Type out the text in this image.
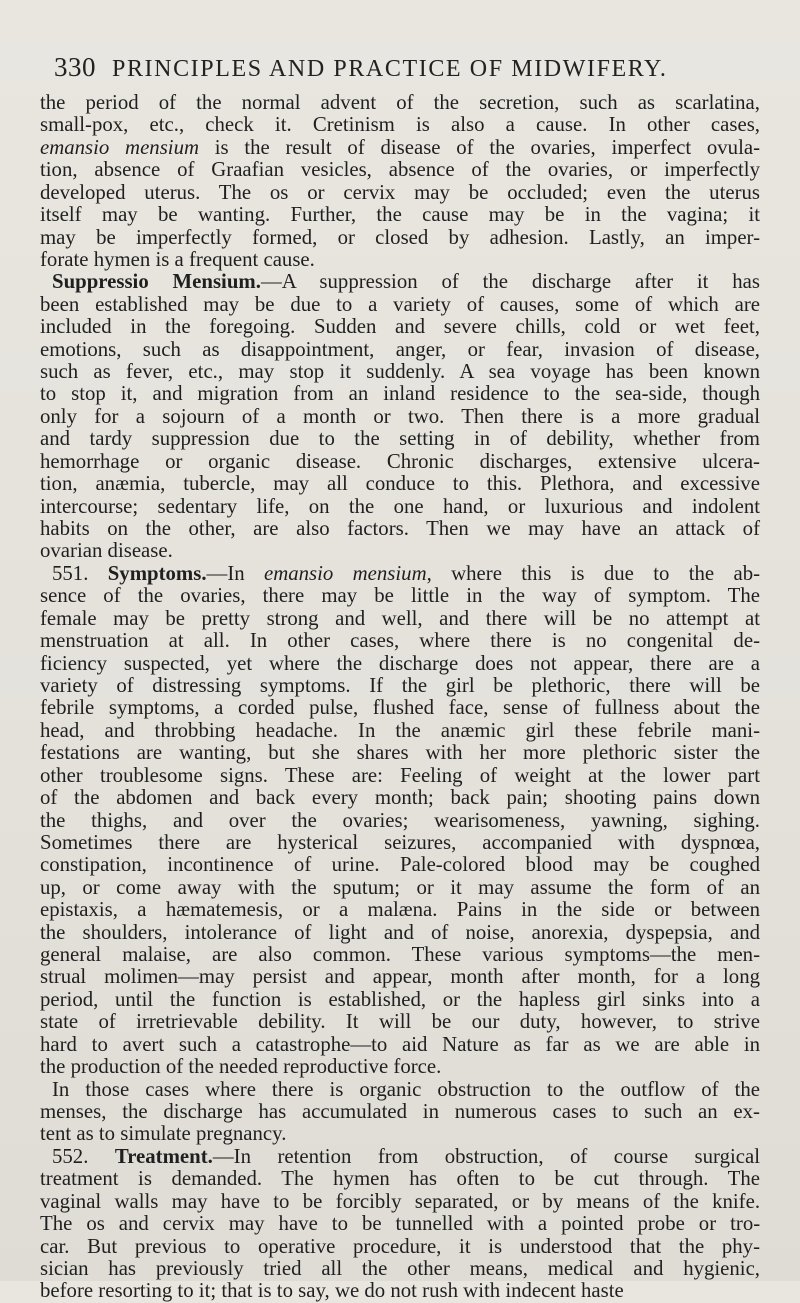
330 PRINCIPLES AND PRACTICE OF MIDWIFERY.

the period of the normal advent of the secretion, such as scarlatina,
small-pox, etc., check it. Cretinism is also a cause. In other cases,
emansio mensium is the result of disease of the ovaries, imperfect ovula-
tion, absence of Graafian vesicles, absence of the ovaries, or imperfectly
developed uterus. The os or cervix may be occluded; even the uterus
itself may be wanting. Further, the cause may be in the vagina; it
may be imperfectly formed, or closed by adhesion. Lastly, an imper-
forate hymen is a frequent cause.

Suppressio Mensium.—A suppression of the discharge after it has
been established may be due to a variety of causes, some of which are
included in the foregoing. Sudden and severe chills, cold or wet feet,
emotions, such as disappointment, anger, or fear, invasion of disease,
such as fever, etc., may stop it suddenly. A sea voyage has been known
to stop it, and migration from an inland residence to the sea-side, though
only for a sojourn of a month or two. Then there is a more gradual
and tardy suppression due to the setting in of debility, whether from
hemorrhage or organic disease. Chronic discharges, extensive ulcera-
tion, anæmia, tubercle, may all conduce to this. Plethora, and excessive
intercourse; sedentary life, on the one hand, or luxurious and indolent
habits on the other, are also factors. Then we may have an attack of
ovarian disease.

551. Symptoms.—In emansio mensium, where this is due to the ab-
sence of the ovaries, there may be little in the way of symptom. The
female may be pretty strong and well, and there will be no attempt at
menstruation at all. In other cases, where there is no congenital de-
ficiency suspected, yet where the discharge does not appear, there are a
variety of distressing symptoms. If the girl be plethoric, there will be
febrile symptoms, a corded pulse, flushed face, sense of fullness about the
head, and throbbing headache. In the anæmic girl these febrile mani-
festations are wanting, but she shares with her more plethoric sister the
other troublesome signs. These are: Feeling of weight at the lower part
of the abdomen and back every month; back pain; shooting pains down
the thighs, and over the ovaries; wearisomeness, yawning, sighing.
Sometimes there are hysterical seizures, accompanied with dyspnœa,
constipation, incontinence of urine. Pale-colored blood may be coughed
up, or come away with the sputum; or it may assume the form of an
epistaxis, a hæmatemesis, or a malæna. Pains in the side or between
the shoulders, intolerance of light and of noise, anorexia, dyspepsia, and
general malaise, are also common. These various symptoms—the men-
strual molimen—may persist and appear, month after month, for a long
period, until the function is established, or the hapless girl sinks into a
state of irretrievable debility. It will be our duty, however, to strive
hard to avert such a catastrophe—to aid Nature as far as we are able in
the production of the needed reproductive force.

In those cases where there is organic obstruction to the outflow of the
menses, the discharge has accumulated in numerous cases to such an ex-
tent as to simulate pregnancy.

552. Treatment.—In retention from obstruction, of course surgical
treatment is demanded. The hymen has often to be cut through. The
vaginal walls may have to be forcibly separated, or by means of the knife.
The os and cervix may have to be tunnelled with a pointed probe or tro-
car. But previous to operative procedure, it is understood that the phy-
sician has previously tried all the other means, medical and hygienic,
before resorting to it; that is to say, we do not rush with indecent haste
